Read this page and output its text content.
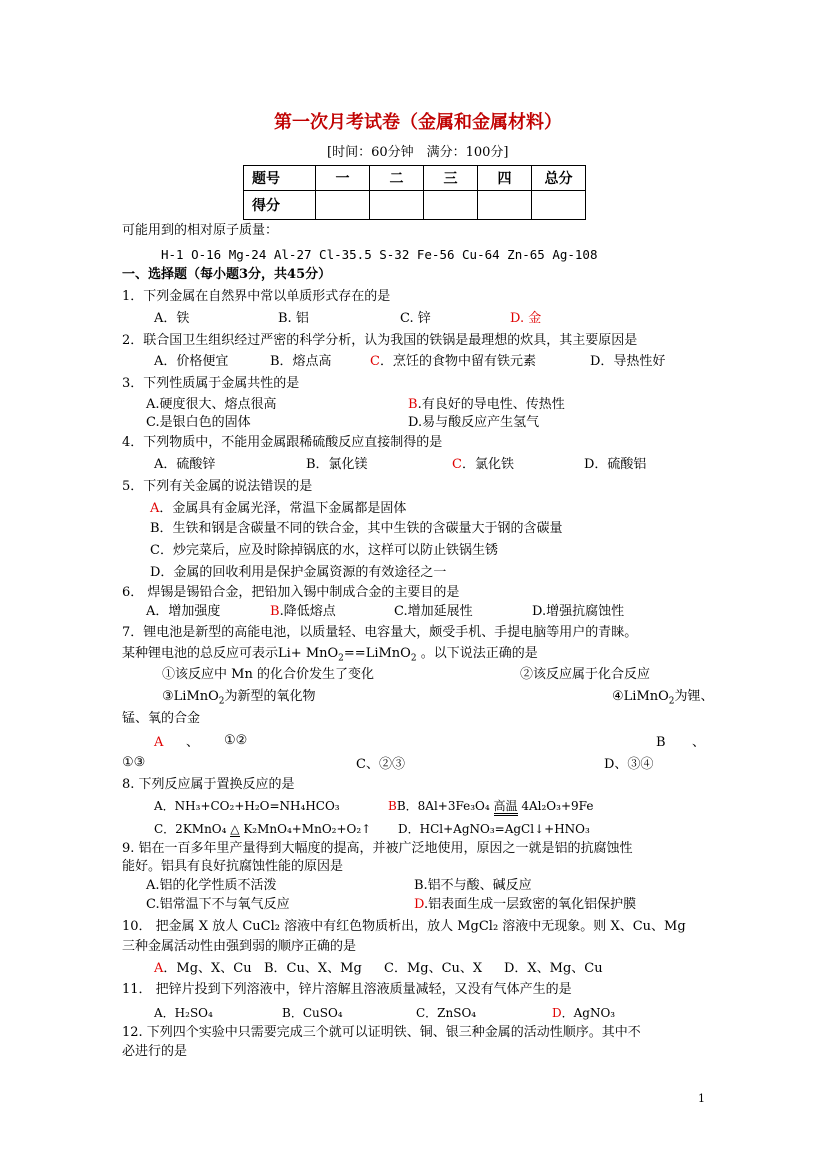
第一次月考试卷（金属和金属材料）
[时间：60分钟　满分：100分]
题号	一	二	三	四	总分
得分					
可能用到的相对原子质量：
H-1 O-16 Mg-24 Al-27 Cl-35.5 S-32 Fe-56 Cu-64 Zn-65 Ag-108
一、选择题（每小题3分，共45分）
1．下列金属在自然界中常以单质形式存在的是
A．铁	B. 铝	C. 锌	D. 金
2．联合国卫生组织经过严密的科学分析，认为我国的铁锅是最理想的炊具，其主要原因是
A．价格便宜	B．熔点高	C．烹饪的食物中留有铁元素	D．导热性好
3．下列性质属于金属共性的是
A.硬度很大、熔点很高	B.有良好的导电性、传热性
C.是银白色的固体	D.易与酸反应产生氢气
4．下列物质中，不能用金属跟稀硫酸反应直接制得的是
A．硫酸锌	B．氯化镁	C．氯化铁	D．硫酸铝
5．下列有关金属的说法错误的是
A．金属具有金属光泽，常温下金属都是固体
B．生铁和钢是含碳量不同的铁合金，其中生铁的含碳量大于钢的含碳量
C．炒完菜后，应及时除掉锅底的水，这样可以防止铁锅生锈
D．金属的回收利用是保护金属资源的有效途径之一
6． 焊锡是锡铅合金，把铅加入锡中制成合金的主要目的是
A．增加强度	B.降低熔点	C.增加延展性	D.增强抗腐蚀性
7．锂电池是新型的高能电池，以质量轻、电容量大，颇受手机、手提电脑等用户的青睐。
某种锂电池的总反应可表示Li+ MnO$_2$==LiMnO$_2$ 。以下说法正确的是
①该反应中 Mn 的化合价发生了变化	②该反应属于化合反应
③LiMnO$_2$为新型的氧化物	④LiMnO$_2$为锂、
锰、氧的合金
A 、 ①②	B 、
①③	C、②③	D、③④
8. 下列反应属于置换反应的是
A．NH₃+CO₂+H₂O=NH₄HCO₃	BB．8Al+3Fe₃O₄ 高温 4Al₂O₃+9Fe
C．2KMnO₄ △ K₂MnO₄+MnO₂+O₂↑ D．HCl+AgNO₃=AgCl↓+HNO₃
9. 铝在一百多年里产量得到大幅度的提高，并被广泛地使用，原因之一就是铝的抗腐蚀性
能好。铝具有良好抗腐蚀性能的原因是
A.铝的化学性质不活泼	B.铝不与酸、碱反应
C.铝常温下不与氧气反应	D.铝表面生成一层致密的氧化铝保护膜
10． 把金属 X 放人 CuCl₂ 溶液中有红色物质析出，放人 MgCl₂ 溶液中无现象。则 X、Cu、Mg
三种金属活动性由强到弱的顺序正确的是
A．Mg、X、Cu B．Cu、X、Mg C．Mg、Cu、X D．X、Mg、Cu
11． 把锌片投到下列溶液中，锌片溶解且溶液质量减轻，又没有气体产生的是
A．H₂SO₄	B．CuSO₄	C．ZnSO₄	D．AgNO₃
12. 下列四个实验中只需要完成三个就可以证明铁、铜、银三种金属的活动性顺序。其中不
必进行的是
1
